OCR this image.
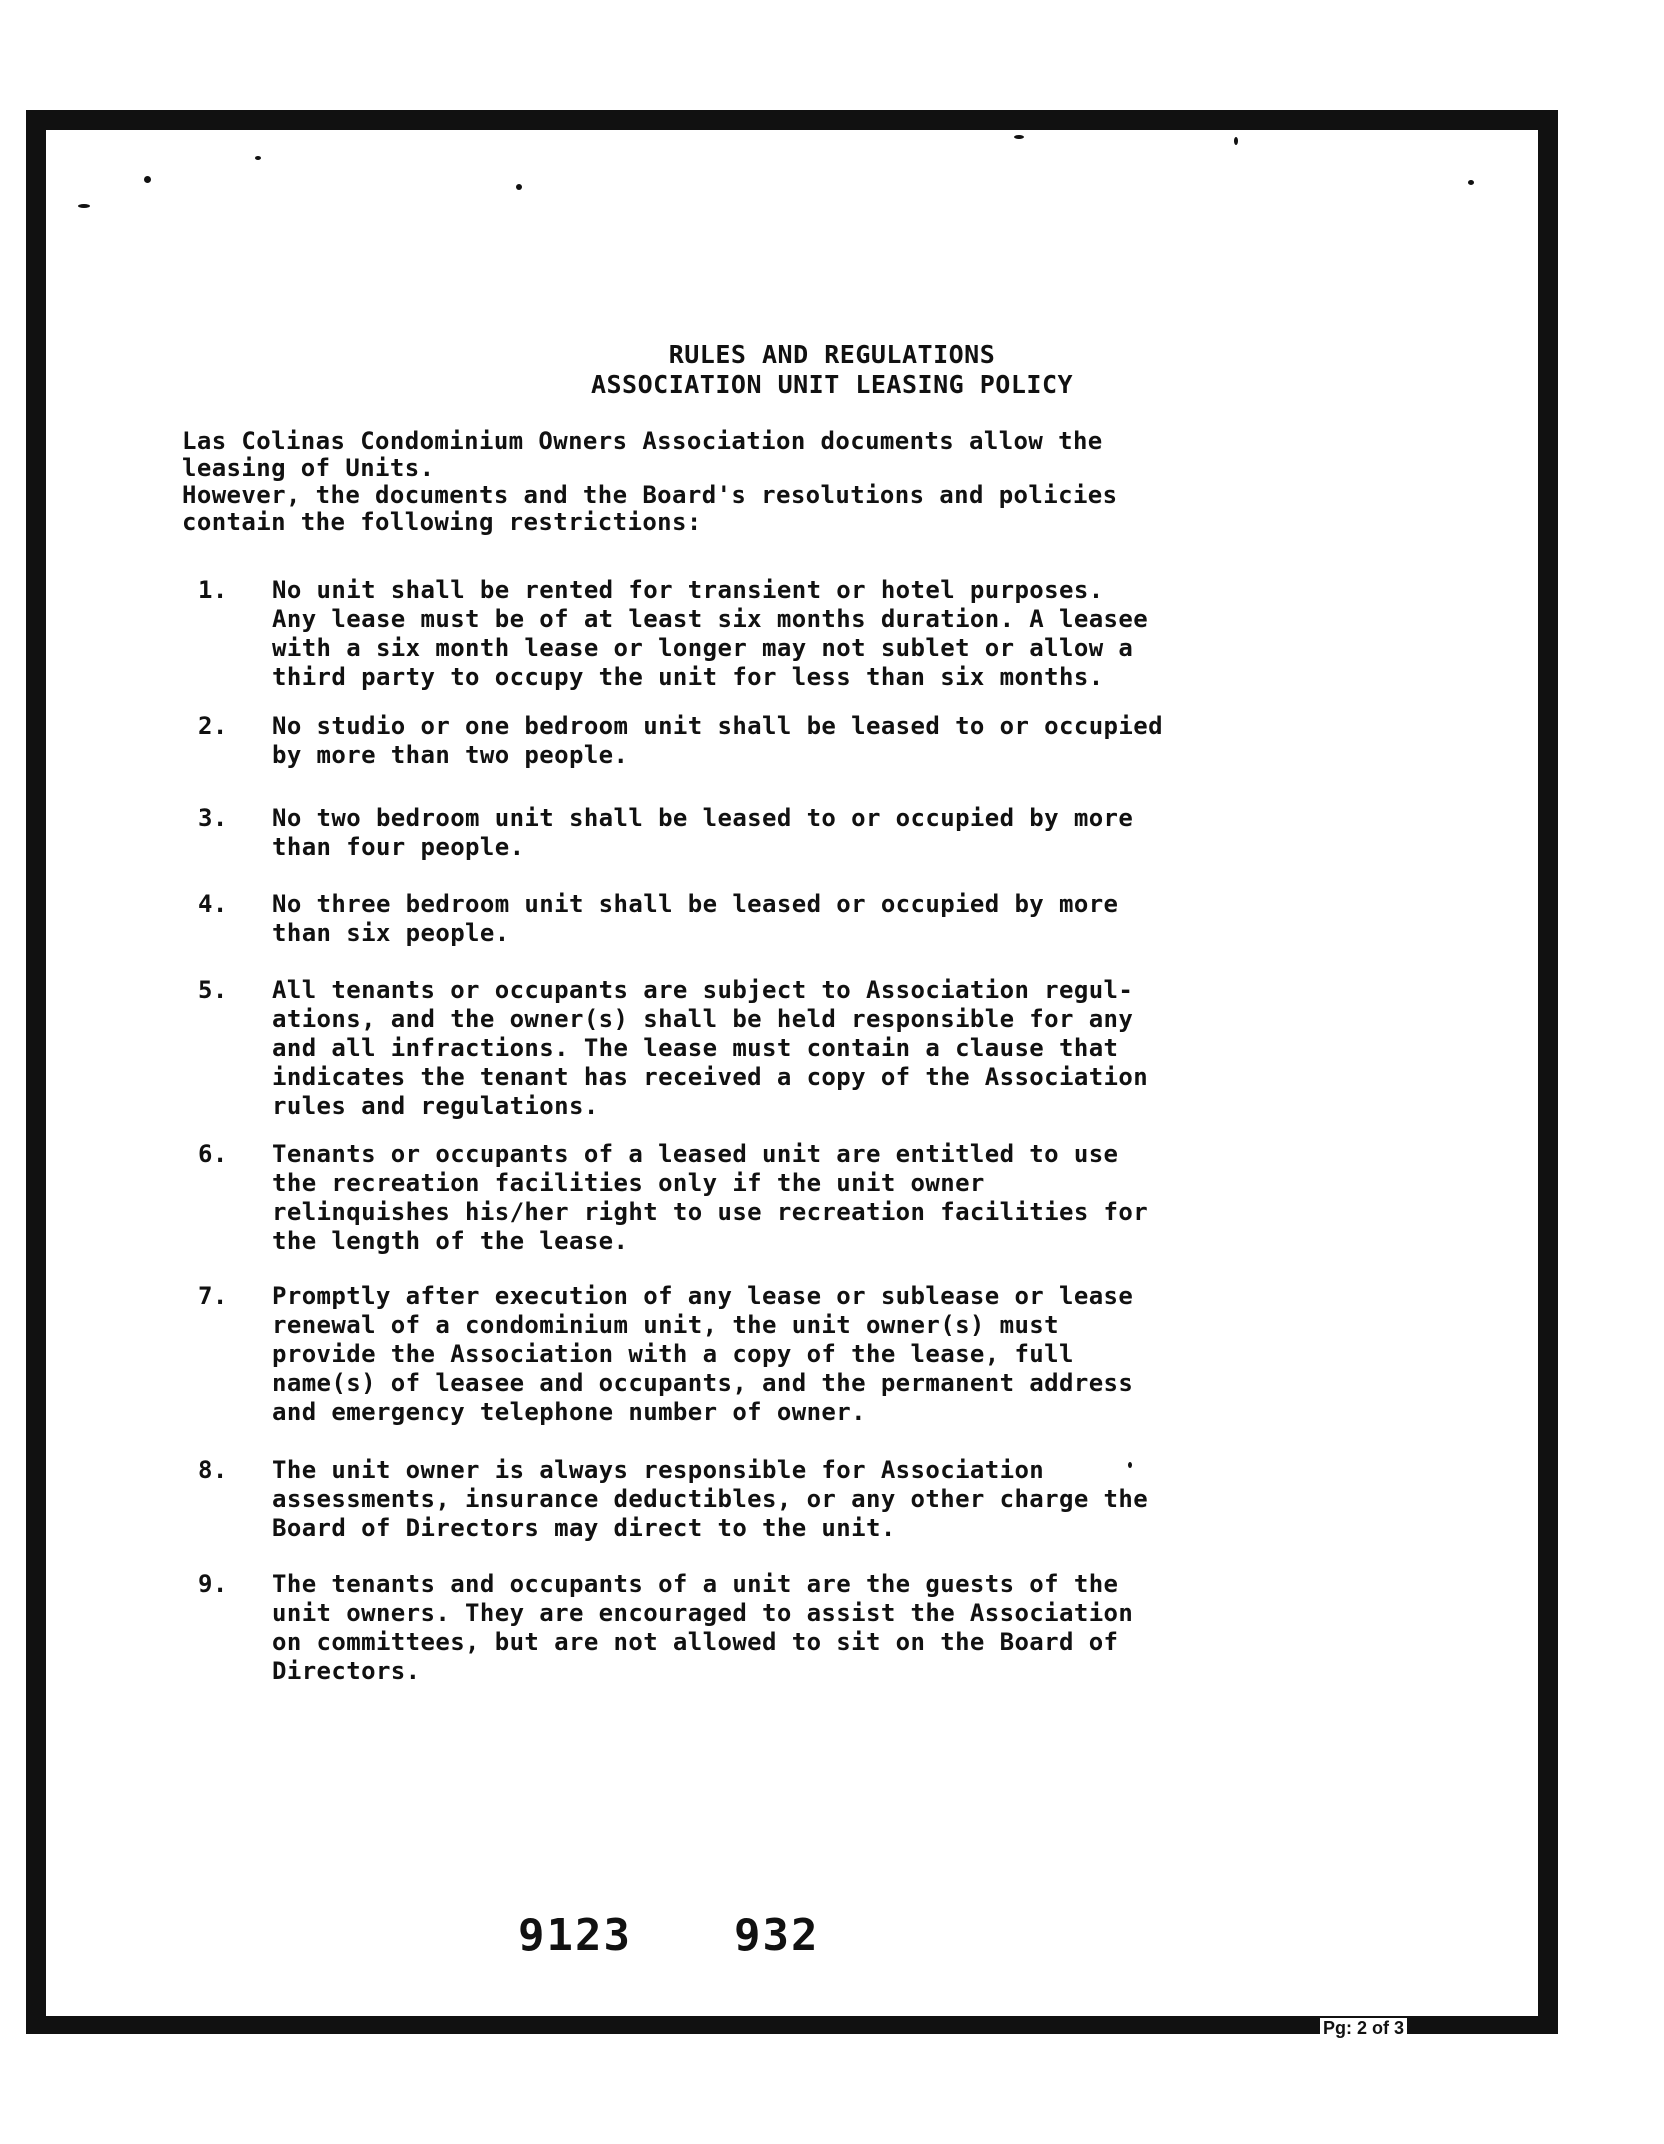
RULES AND REGULATIONS
ASSOCIATION UNIT LEASING POLICY
Las Colinas Condominium Owners Association documents allow the
leasing of Units.
However, the documents and the Board's resolutions and policies
contain the following restrictions:
1.	No unit shall be rented for transient or hotel purposes.
Any lease must be of at least six months duration. A leasee
with a six month lease or longer may not sublet or allow a
third party to occupy the unit for less than six months.
2.	No studio or one bedroom unit shall be leased to or occupied
by more than two people.
3.	No two bedroom unit shall be leased to or occupied by more
than four people.
4.	No three bedroom unit shall be leased or occupied by more
than six people.
5.	All tenants or occupants are subject to Association regul-
ations, and the owner(s) shall be held responsible for any
and all infractions. The lease must contain a clause that
indicates the tenant has received a copy of the Association
rules and regulations.
6.	Tenants or occupants of a leased unit are entitled to use
the recreation facilities only if the unit owner
relinquishes his/her right to use recreation facilities for
the length of the lease.
7.	Promptly after execution of any lease or sublease or lease
renewal of a condominium unit, the unit owner(s) must
provide the Association with a copy of the lease, full
name(s) of leasee and occupants, and the permanent address
and emergency telephone number of owner.
8.	The unit owner is always responsible for Association
assessments, insurance deductibles, or any other charge the
Board of Directors may direct to the unit.
9.	The tenants and occupants of a unit are the guests of the
unit owners. They are encouraged to assist the Association
on committees, but are not allowed to sit on the Board of
Directors.
9123 932
Pg: 2 of 3
